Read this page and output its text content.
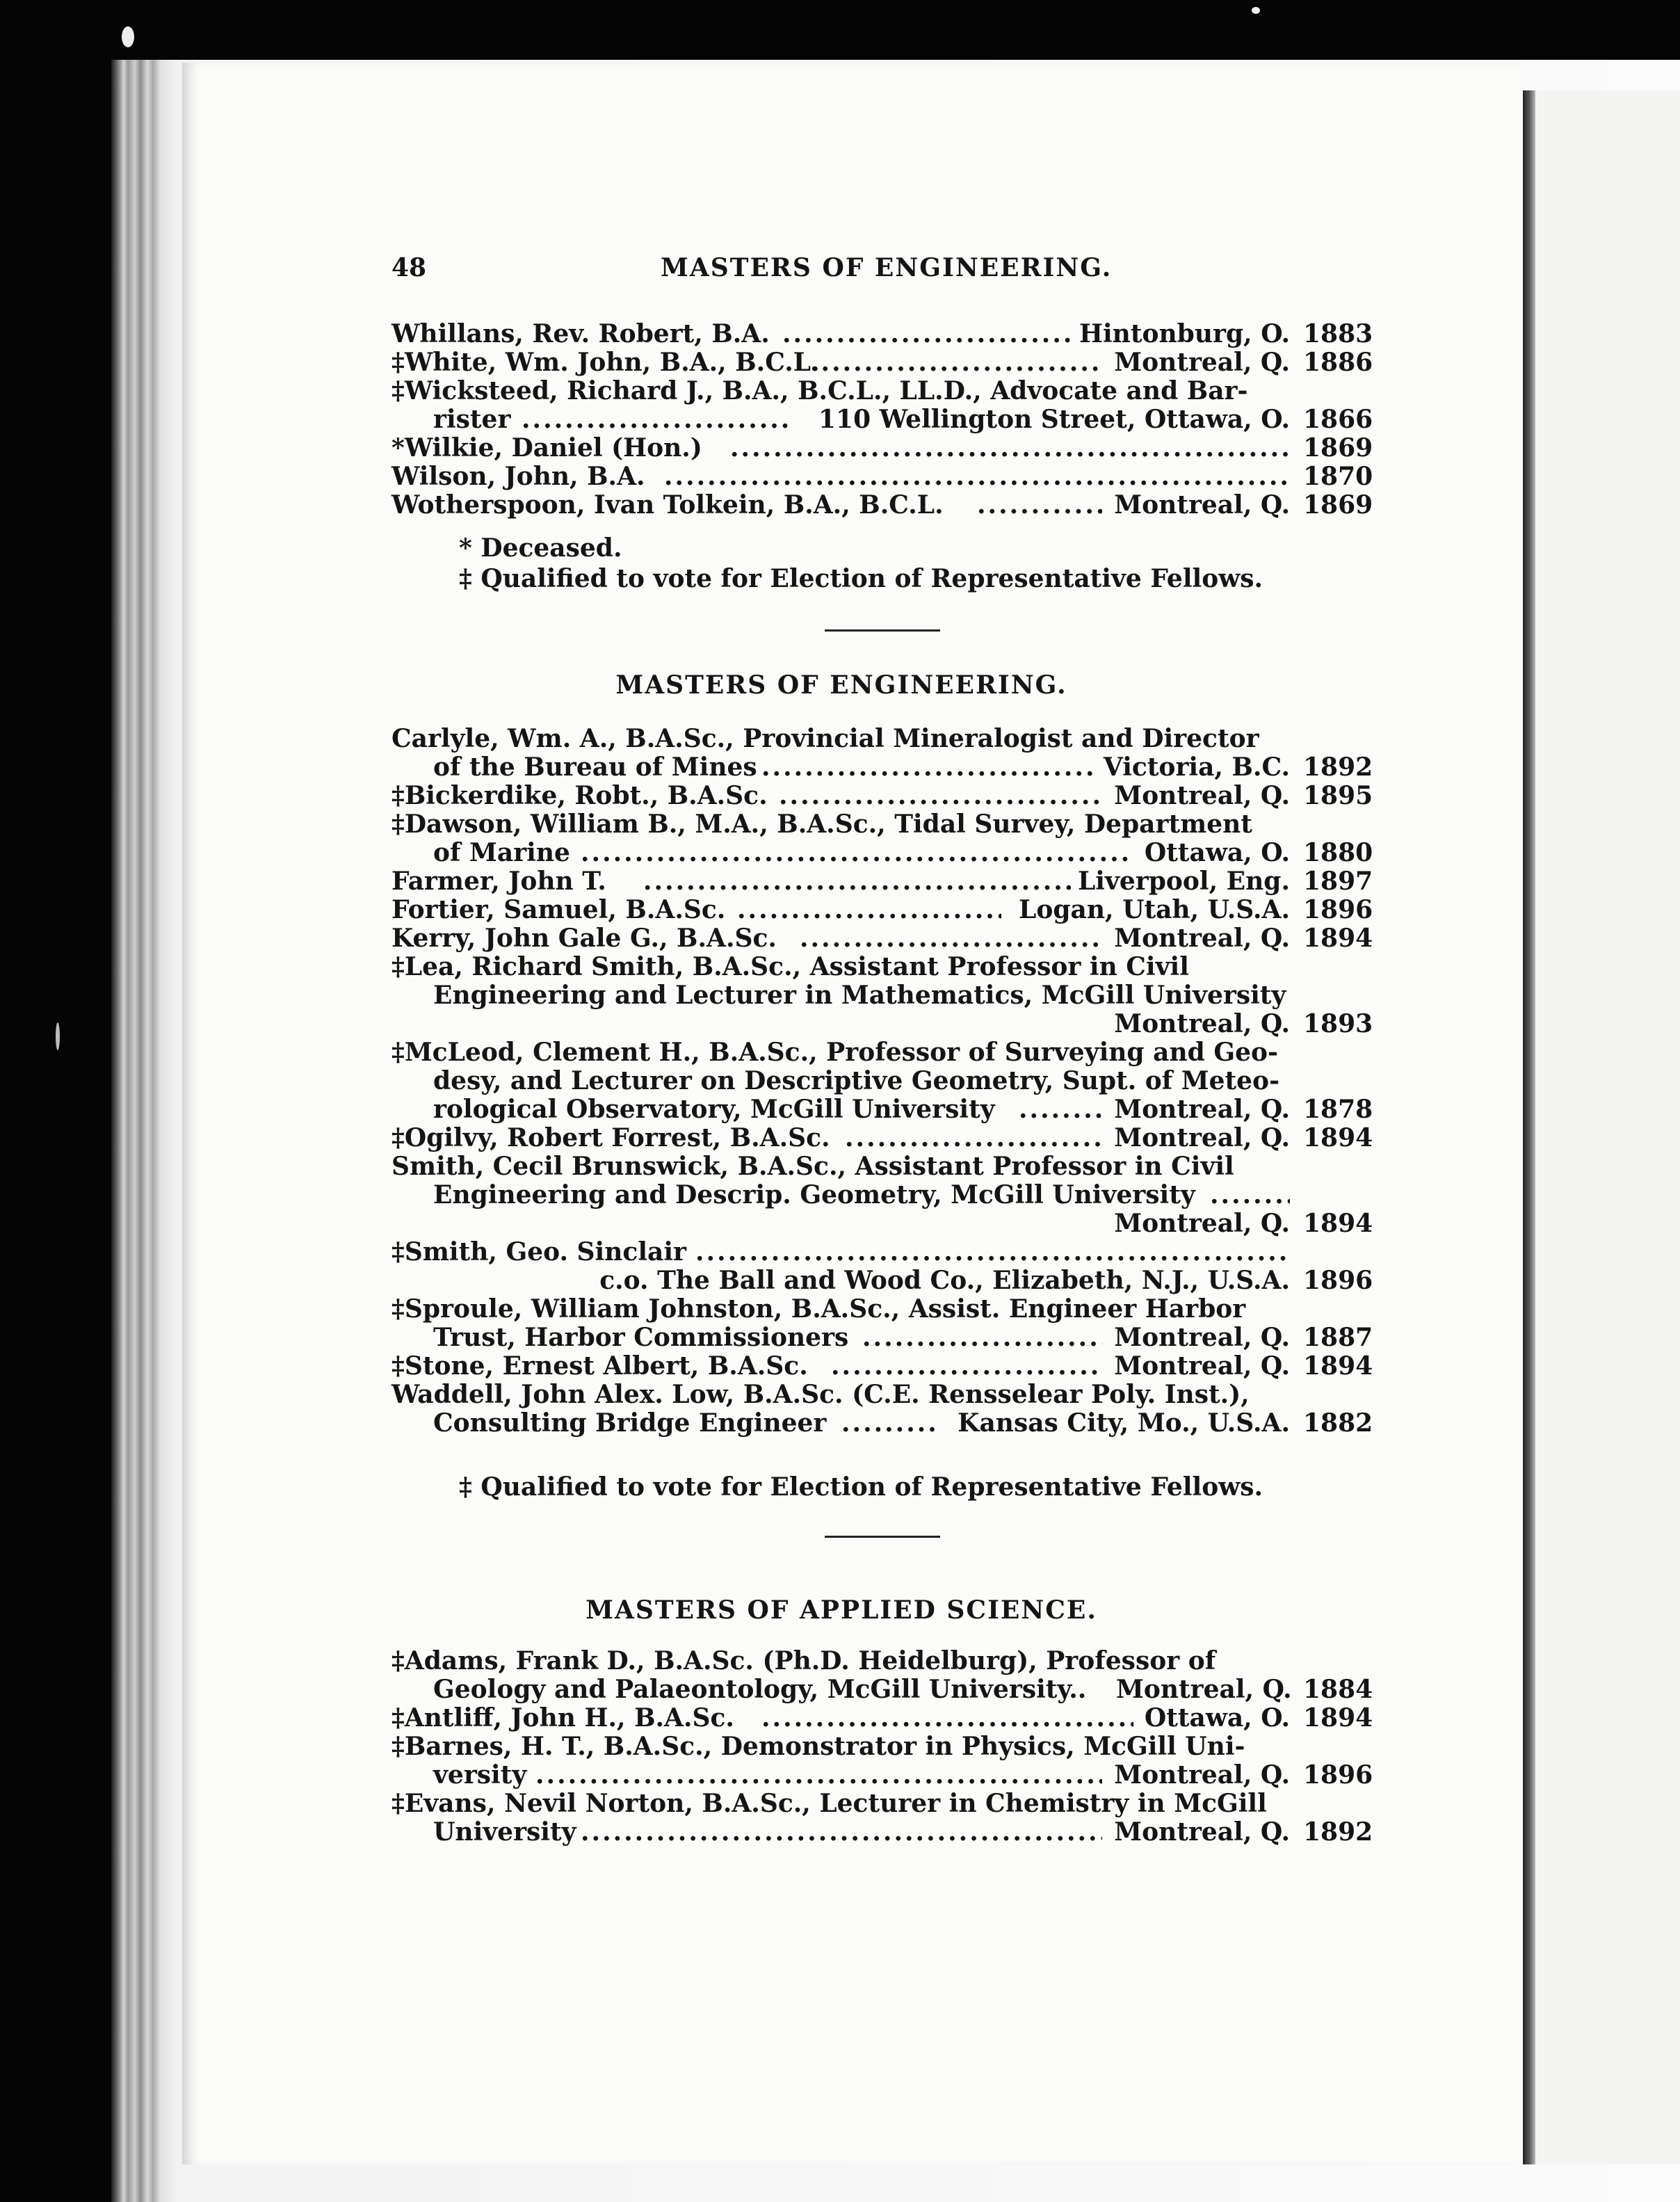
48	MASTERS OF ENGINEERING.
Whillans, Rev. Robert, B.A. .....	Hintonburg, O. 1883
‡White, Wm. John, B.A., B.C.L. .....	Montreal, Q. 1886
‡Wicksteed, Richard J., B.A., B.C.L., LL.D., Advocate and Bar-
rister .....	110 Wellington Street, Ottawa, O. 1866
*Wilkie, Daniel (Hon.) .....	1869
Wilson, John, B.A. .....	1870
Wotherspoon, Ivan Tolkein, B.A., B.C.L. .....	Montreal, Q. 1869
* Deceased.
‡ Qualified to vote for Election of Representative Fellows.
MASTERS OF ENGINEERING.
Carlyle, Wm. A., B.A.Sc., Provincial Mineralogist and Director
of the Bureau of Mines .....	Victoria, B.C. 1892
‡Bickerdike, Robt., B.A.Sc. .....	Montreal, Q. 1895
‡Dawson, William B., M.A., B.A.Sc., Tidal Survey, Department
of Marine .....	Ottawa, O. 1880
Farmer, John T. .....	Liverpool, Eng. 1897
Fortier, Samuel, B.A.Sc. .....	Logan, Utah, U.S.A. 1896
Kerry, John Gale G., B.A.Sc. .....	Montreal, Q. 1894
‡Lea, Richard Smith, B.A.Sc., Assistant Professor in Civil
Engineering and Lecturer in Mathematics, McGill University
Montreal, Q. 1893
‡McLeod, Clement H., B.A.Sc., Professor of Surveying and Geo-
desy, and Lecturer on Descriptive Geometry, Supt. of Meteo-
rological Observatory, McGill University .....	Montreal, Q. 1878
‡Ogilvy, Robert Forrest, B.A.Sc. .....	Montreal, Q. 1894
Smith, Cecil Brunswick, B.A.Sc., Assistant Professor in Civil
Engineering and Descrip. Geometry, McGill University
.....
Montreal, Q. 1894
‡Smith, Geo. Sinclair
.....
c.o. The Ball and Wood Co., Elizabeth, N.J., U.S.A. 1896
‡Sproule, William Johnston, B.A.Sc., Assist. Engineer Harbor
Trust, Harbor Commissioners .....	Montreal, Q. 1887
‡Stone, Ernest Albert, B.A.Sc. .....	Montreal, Q. 1894
Waddell, John Alex. Low, B.A.Sc. (C.E. Rensselear Poly. Inst.),
Consulting Bridge Engineer .....	Kansas City, Mo., U.S.A. 1882
‡ Qualified to vote for Election of Representative Fellows.
MASTERS OF APPLIED SCIENCE.
‡Adams, Frank D., B.A.Sc. (Ph.D. Heidelburg), Professor of
Geology and Palaeontology, McGill University.. Montreal, Q. 1884
‡Antliff, John H., B.A.Sc. .....	Ottawa, O. 1894
‡Barnes, H. T., B.A.Sc., Demonstrator in Physics, McGill Uni-
versity .....	Montreal, Q. 1896
‡Evans, Nevil Norton, B.A.Sc., Lecturer in Chemistry in McGill
University .....	Montreal, Q. 1892
